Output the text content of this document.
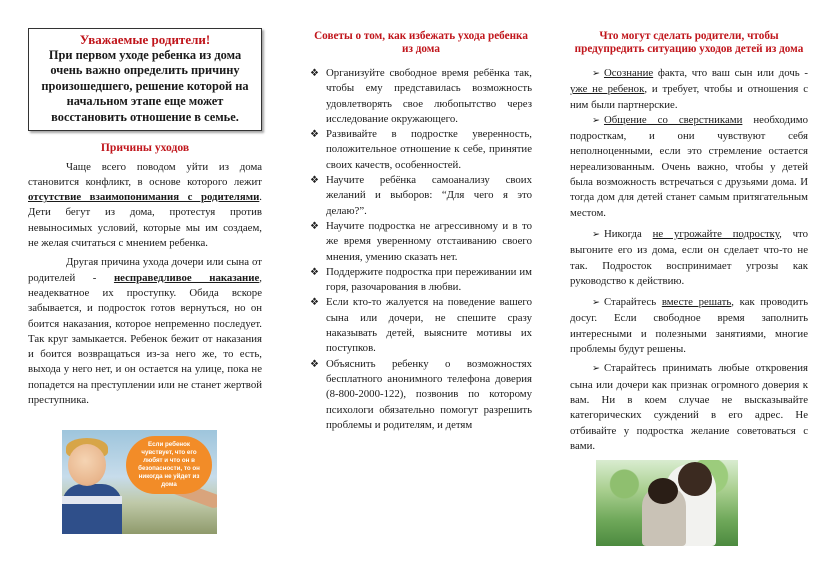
Уважаемые родители!
При первом уходе ребенка из дома очень важно определить причину произошедшего, решение которой на начальном этапе еще может восстановить отношение в семье.
Причины уходов

Чаще всего поводом уйти из дома становится конфликт, в основе которого лежит отсутствие взаимопонимания с родителями. Дети бегут из дома, протестуя против невыносимых условий, которые мы им создаем, не желая считаться с мнением ребенка.

Другая причина ухода дочери или сына от родителей - несправедливое наказание, неадекватное их проступку. Обида вскоре забывается, и подросток готов вернуться, но он боится наказания, которое непременно последует. Так круг замыкается. Ребенок бежит от наказания и боится возвращаться из-за него же, то есть, выхода у него нет, и он остается на улице, пока не попадется на преступлении или не станет жертвой преступника.

Если ребенок чувствует, что его любят и что он в безопасности, то он никогда не уйдет из дома
Советы о том, как избежать ухода ребенка из дома
❖ Организуйте свободное время ребёнка так, чтобы ему представилась возможность удовлетворять свое любопытство через исследование окружающего.
❖ Развивайте в подростке уверенность, положительное отношение к себе, принятие своих качеств, особенностей.
❖ Научите ребёнка самоанализу своих желаний и выборов: “Для чего я это делаю?”.
❖ Научите подростка не агрессивному и в то же время уверенному отстаиванию своего мнения, умению сказать нет.
❖ Поддержите подростка при переживании им горя, разочарования в любви.
❖ Если кто-то жалуется на поведение вашего сына или дочери, не спешите сразу наказывать детей, выясните мотивы их поступков.
❖ Объяснить ребенку о возможностях бесплатного анонимного телефона доверия (8-800-2000-122), позвонив по которому психологи обязательно помогут разрешить проблемы и родителям, и детям
Что могут сделать родители, чтобы предупредить ситуацию уходов детей из дома

➢ Осознание факта, что ваш сын или дочь - уже не ребенок, и требует, чтобы и отношения с ним были партнерские.

➢ Общение со сверстниками необходимо подросткам, и они чувствуют себя неполноценными, если это стремление остается нереализованным. Очень важно, чтобы у детей была возможность встречаться с друзьями дома. И тогда дом для детей станет самым притягательным местом.

➢ Никогда не угрожайте подростку, что выгоните его из дома, если он сделает что-то не так. Подросток воспринимает угрозы как руководство к действию.

➢ Старайтесь вместе решать, как проводить досуг. Если свободное время заполнить интересными и полезными занятиями, многие проблемы будут решены.

➢ Старайтесь принимать любые откровения сына или дочери как признак огромного доверия к вам. Ни в коем случае не высказывайте категорических суждений в его адрес. Не отбивайте у подростка желание советоваться с вами.
